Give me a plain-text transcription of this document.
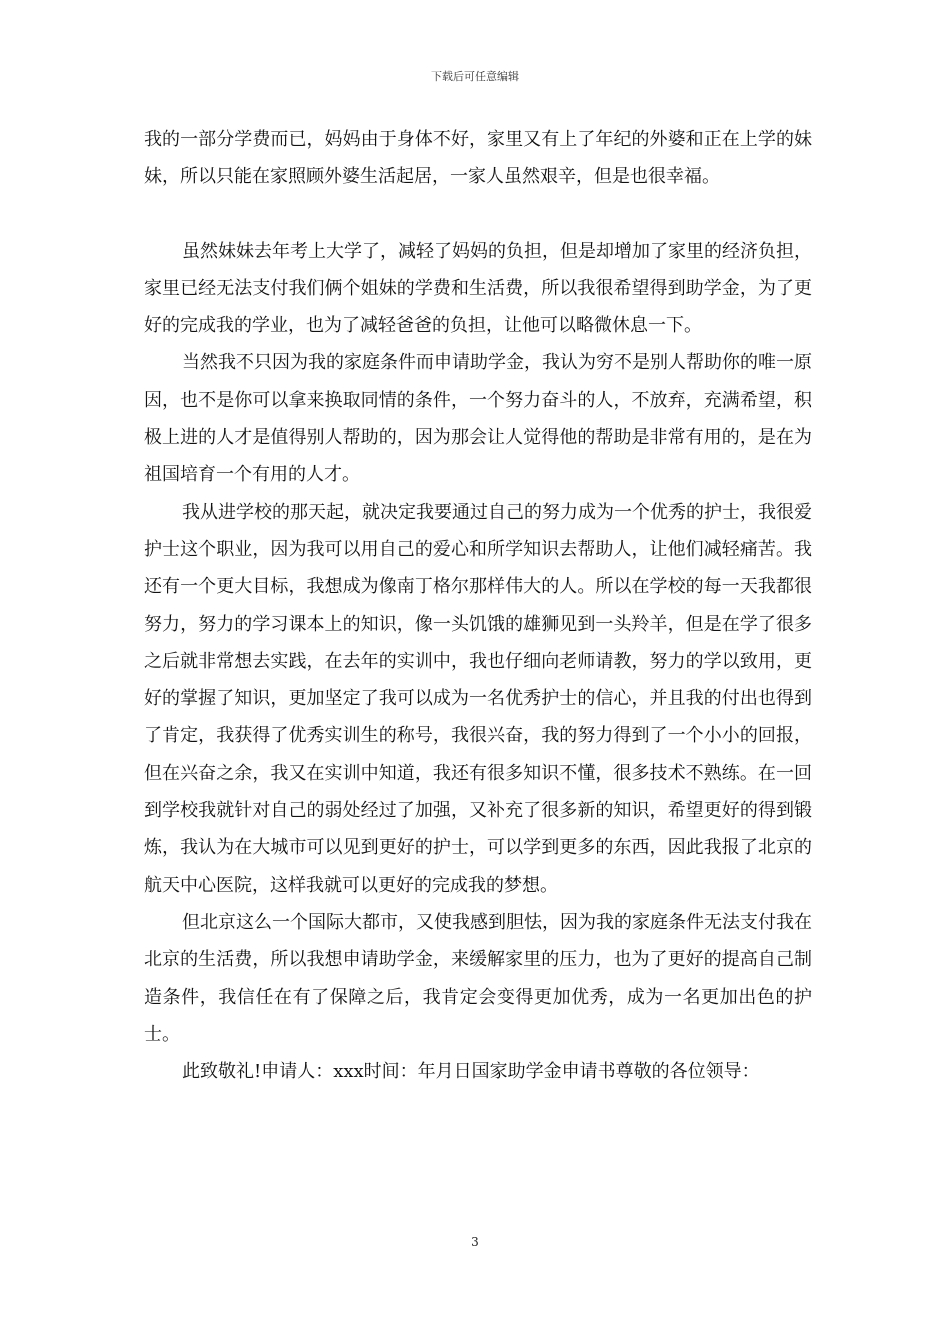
下载后可任意编辑

我的一部分学费而已，妈妈由于身体不好，家里又有上了年纪的外婆和正在上学的妹妹，所以只能在家照顾外婆生活起居，一家人虽然艰辛，但是也很幸福。

虽然妹妹去年考上大学了，减轻了妈妈的负担，但是却增加了家里的经济负担，家里已经无法支付我们俩个姐妹的学费和生活费，所以我很希望得到助学金，为了更好的完成我的学业，也为了减轻爸爸的负担，让他可以略微休息一下。

当然我不只因为我的家庭条件而申请助学金，我认为穷不是别人帮助你的唯一原因，也不是你可以拿来换取同情的条件，一个努力奋斗的人，不放弃，充满希望，积极上进的人才是值得别人帮助的，因为那会让人觉得他的帮助是非常有用的，是在为祖国培育一个有用的人才。

我从进学校的那天起，就决定我要通过自己的努力成为一个优秀的护士，我很爱护士这个职业，因为我可以用自己的爱心和所学知识去帮助人，让他们减轻痛苦。我还有一个更大目标，我想成为像南丁格尔那样伟大的人。所以在学校的每一天我都很努力，努力的学习课本上的知识，像一头饥饿的雄狮见到一头羚羊，但是在学了很多之后就非常想去实践，在去年的实训中，我也仔细向老师请教，努力的学以致用，更好的掌握了知识，更加坚定了我可以成为一名优秀护士的信心，并且我的付出也得到了肯定，我获得了优秀实训生的称号，我很兴奋，我的努力得到了一个小小的回报，但在兴奋之余，我又在实训中知道，我还有很多知识不懂，很多技术不熟练。在一回到学校我就针对自己的弱处经过了加强，又补充了很多新的知识，希望更好的得到锻炼，我认为在大城市可以见到更好的护士，可以学到更多的东西，因此我报了北京的航天中心医院，这样我就可以更好的完成我的梦想。

但北京这么一个国际大都市，又使我感到胆怯，因为我的家庭条件无法支付我在北京的生活费，所以我想申请助学金，来缓解家里的压力，也为了更好的提高自己制造条件，我信任在有了保障之后，我肯定会变得更加优秀，成为一名更加出色的护士。

此致敬礼!申请人：xxx时间：年月日国家助学金申请书尊敬的各位领导：

3
